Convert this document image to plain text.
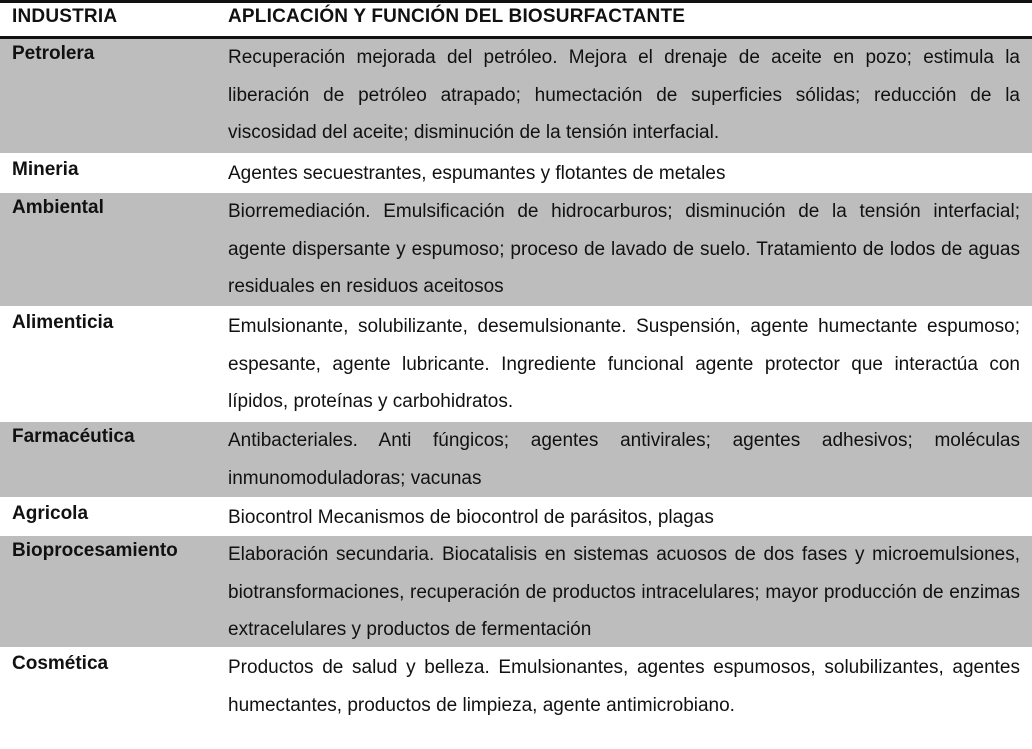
INDUSTRIA	APLICACIÓN Y FUNCIÓN DEL BIOSURFACTANTE
Petrolera	Recuperación mejorada del petróleo. Mejora el drenaje de aceite en pozo; estimula la liberación de petróleo atrapado; humectación de superficies sólidas; reducción de la viscosidad del aceite; disminución de la tensión interfacial.
Mineria	Agentes secuestrantes, espumantes y flotantes de metales
Ambiental	Biorremediación. Emulsificación de hidrocarburos; disminución de la tensión interfacial; agente dispersante y espumoso; proceso de lavado de suelo. Tratamiento de lodos de aguas residuales en residuos aceitosos
Alimenticia	Emulsionante, solubilizante, desemulsionante. Suspensión, agente humectante espumoso; espesante, agente lubricante. Ingrediente funcional agente protector que interactúa con lípidos, proteínas y carbohidratos.
Farmacéutica	Antibacteriales. Anti fúngicos; agentes antivirales; agentes adhesivos; moléculas inmunomoduladoras; vacunas
Agricola	Biocontrol Mecanismos de biocontrol de parásitos, plagas
Bioprocesamiento	Elaboración secundaria. Biocatalisis en sistemas acuosos de dos fases y microemulsiones, biotransformaciones, recuperación de productos intracelulares; mayor producción de enzimas extracelulares y productos de fermentación
Cosmética	Productos de salud y belleza. Emulsionantes, agentes espumosos, solubilizantes, agentes humectantes, productos de limpieza, agente antimicrobiano.
